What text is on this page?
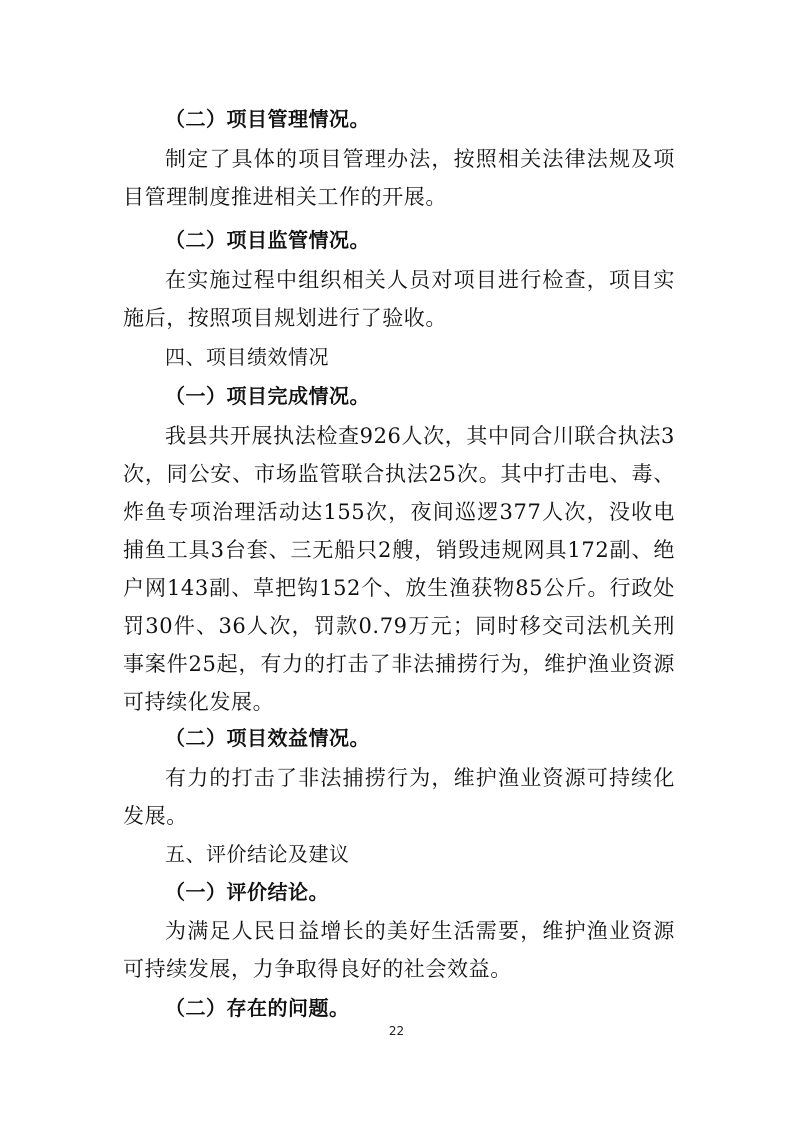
（二）项目管理情况。

制定了具体的项目管理办法，按照相关法律法规及项目管理制度推进相关工作的开展。

（二）项目监管情况。

在实施过程中组织相关人员对项目进行检查，项目实施后，按照项目规划进行了验收。

四、项目绩效情况

（一）项目完成情况。

我县共开展执法检查926人次，其中同合川联合执法3次，同公安、市场监管联合执法25次。其中打击电、毒、炸鱼专项治理活动达155次，夜间巡逻377人次，没收电捕鱼工具3台套、三无船只2艘，销毁违规网具172副、绝户网143副、草把钩152个、放生渔获物85公斤。行政处罚30件、36人次，罚款0.79万元；同时移交司法机关刑事案件25起，有力的打击了非法捕捞行为，维护渔业资源可持续化发展。

（二）项目效益情况。

有力的打击了非法捕捞行为，维护渔业资源可持续化发展。

五、评价结论及建议

（一）评价结论。

为满足人民日益增长的美好生活需要，维护渔业资源可持续发展，力争取得良好的社会效益。

（二）存在的问题。

22
